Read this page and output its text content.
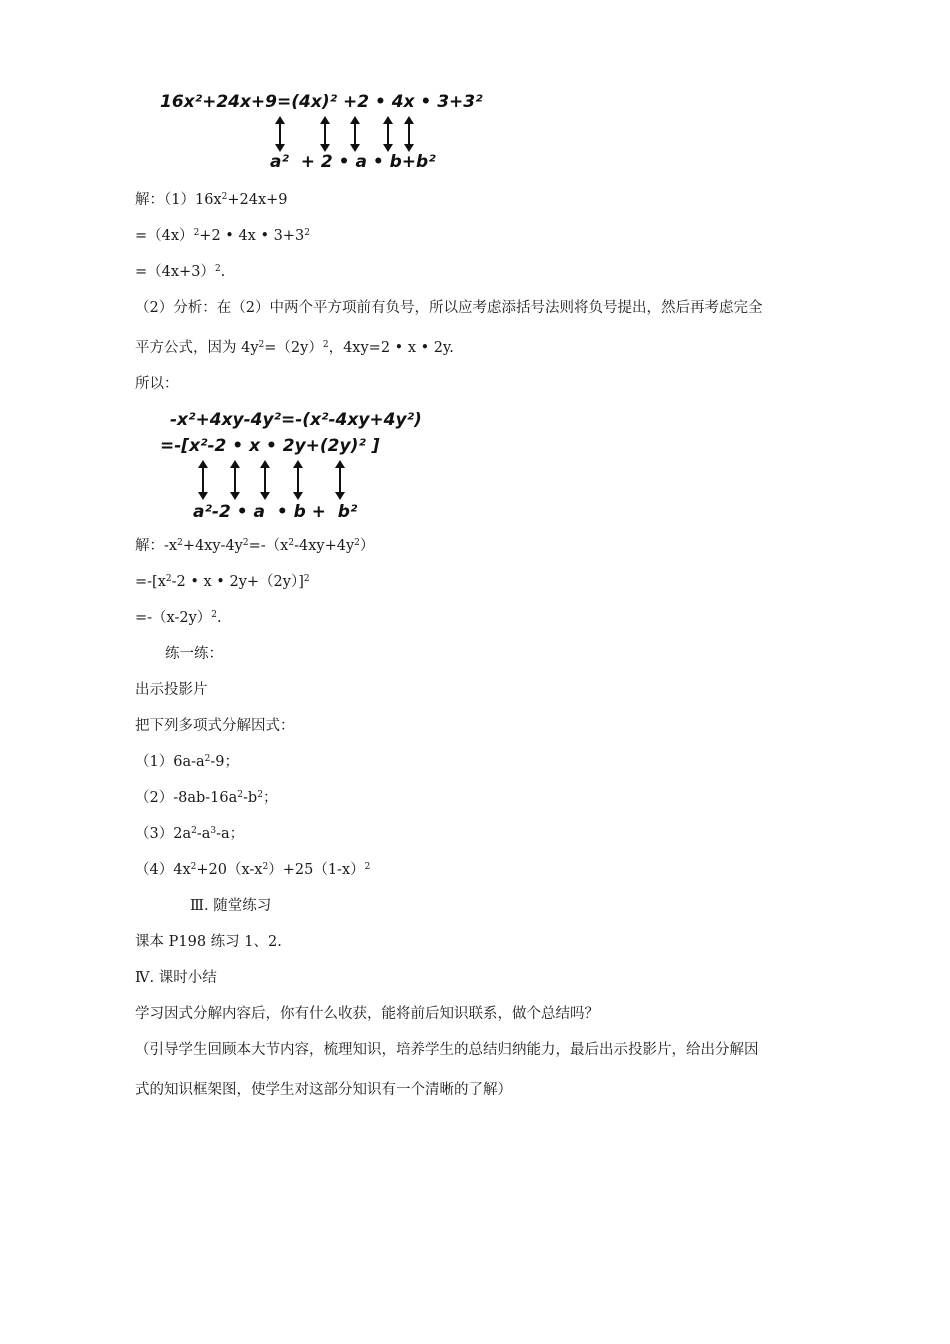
16x²+24x+9=(4x)² +2 • 4x • 3+3²
a²  + 2 • a • b+b²
解：$(1)16x^2+24x+9$
$=(4x)^2+2$ • 4x • $3+3^2$
$=(4x+3)^2$.
（2）分析：在（2）中两个平方项前有负号，所以应考虑添括号法则将负号提出，然后再考虑完全
平方公式，因为 $4y^2=(2y)^2$，4xy=2 • x • 2y.
所以：
-x²+4xy-4y²=-(x²-4xy+4y²)
=-[x²-2 • x • 2y+(2y)² ]
a²-2 • a  • b +  b²
解：$-x^2+4xy-4y^2=-(x^2-4xy+4y^2)$
$=-[x^2-2$ • x • 2y+（2y）]$^2$
$=-(x-2y)^2$.
练一练：
出示投影片
把下列多项式分解因式：
$(1)6a-a^2-9$；
$(2)-8ab-16a^2-b^2$；
$(3)2a^2-a^3-a$；
$(4)4x^2+20(x-x^2)+25(1-x)^2$
Ⅲ. 随堂练习
课本 P198 练习 1、2.
Ⅳ. 课时小结
学习因式分解内容后，你有什么收获，能将前后知识联系，做个总结吗？
（引导学生回顾本大节内容，梳理知识，培养学生的总结归纳能力，最后出示投影片，给出分解因
式的知识框架图，使学生对这部分知识有一个清晰的了解）
